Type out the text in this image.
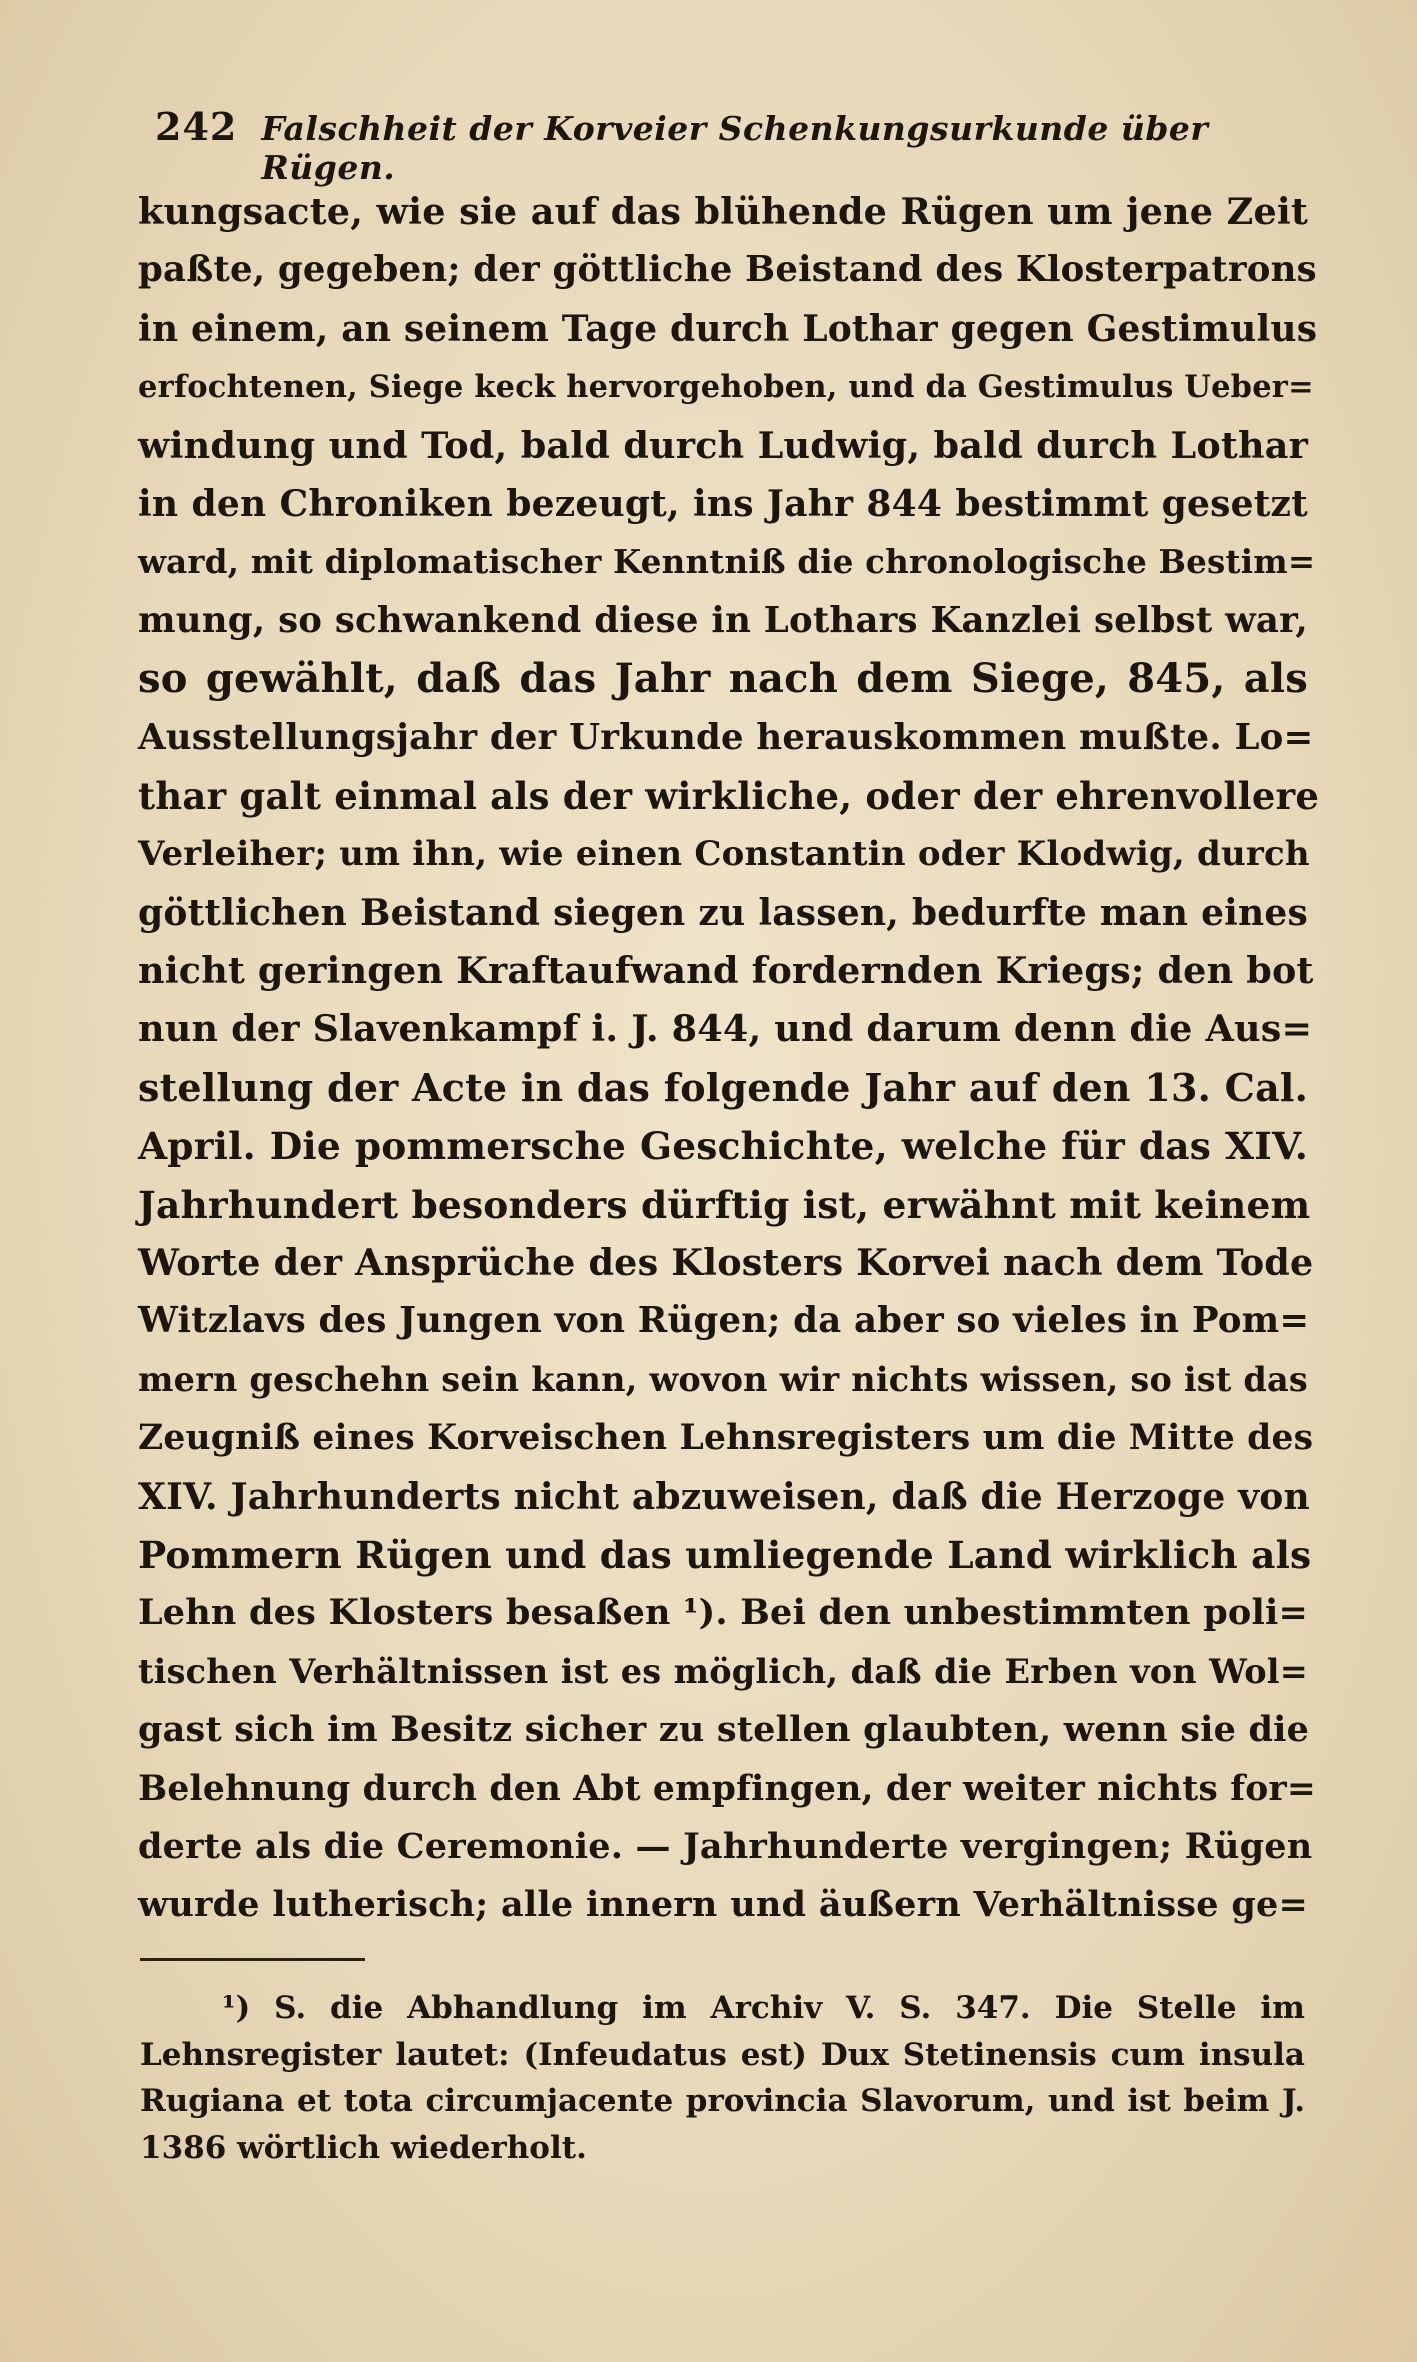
242 Falschheit der Korveier Schenkungsurkunde über Rügen.
kungsacte, wie sie auf das blühende Rügen um jene Zeit
paßte, gegeben; der göttliche Beistand des Klosterpatrons
in einem, an seinem Tage durch Lothar gegen Gestimulus
erfochtenen, Siege keck hervorgehoben, und da Gestimulus Ueber=
windung und Tod, bald durch Ludwig, bald durch Lothar
in den Chroniken bezeugt, ins Jahr 844 bestimmt gesetzt
ward, mit diplomatischer Kenntniß die chronologische Bestim=
mung, so schwankend diese in Lothars Kanzlei selbst war,
so gewählt, daß das Jahr nach dem Siege, 845, als
Ausstellungsjahr der Urkunde herauskommen mußte. Lo=
thar galt einmal als der wirkliche, oder der ehrenvollere
Verleiher; um ihn, wie einen Constantin oder Klodwig, durch
göttlichen Beistand siegen zu lassen, bedurfte man eines
nicht geringen Kraftaufwand fordernden Kriegs; den bot
nun der Slavenkampf i. J. 844, und darum denn die Aus=
stellung der Acte in das folgende Jahr auf den 13. Cal.
April. Die pommersche Geschichte, welche für das XIV.
Jahrhundert besonders dürftig ist, erwähnt mit keinem
Worte der Ansprüche des Klosters Korvei nach dem Tode
Witzlavs des Jungen von Rügen; da aber so vieles in Pom=
mern geschehn sein kann, wovon wir nichts wissen, so ist das
Zeugniß eines Korveischen Lehnsregisters um die Mitte des
XIV. Jahrhunderts nicht abzuweisen, daß die Herzoge von
Pommern Rügen und das umliegende Land wirklich als
Lehn des Klosters besaßen ¹). Bei den unbestimmten poli=
tischen Verhältnissen ist es möglich, daß die Erben von Wol=
gast sich im Besitz sicher zu stellen glaubten, wenn sie die
Belehnung durch den Abt empfingen, der weiter nichts for=
derte als die Ceremonie. — Jahrhunderte vergingen; Rügen
wurde lutherisch; alle innern und äußern Verhältnisse ge=
¹) S. die Abhandlung im Archiv V. S. 347. Die Stelle im
Lehnsregister lautet: (Infeudatus est) Dux Stetinensis cum insula
Rugiana et tota circumjacente provincia Slavorum, und ist beim J.
1386 wörtlich wiederholt.
